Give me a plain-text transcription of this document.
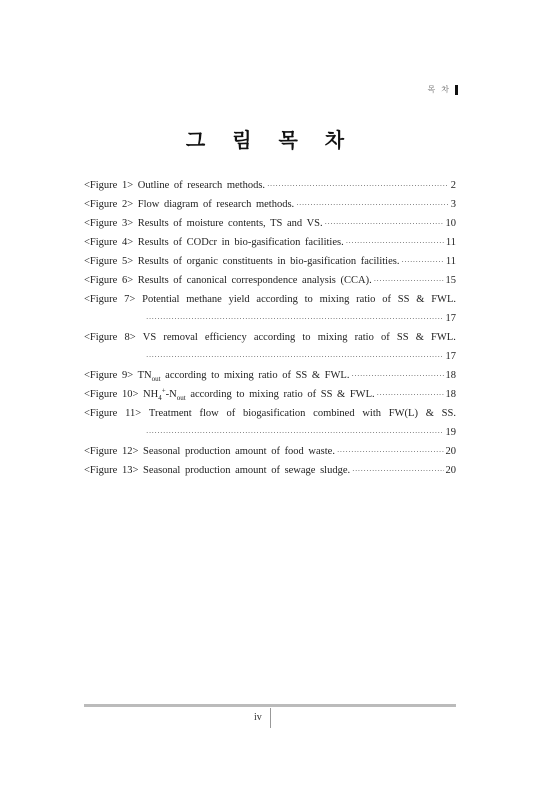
목 차
그 림 목 차
<Figure 1> Outline of research methods. ·····	2
<Figure 2> Flow diagram of research methods. ·····	3
<Figure 3> Results of moisture contents, TS and VS. ·····	10
<Figure 4> Results of CODcr in bio-gasification facilities. ·····	11
<Figure 5> Results of organic constituents in bio-gasification facilities. ·····	11
<Figure 6> Results of canonical correspondence analysis (CCA). ·····	15
<Figure 7> Potential methane yield according to mixing ratio of SS & FWL.
·····
17
<Figure 8> VS removal efficiency according to mixing ratio of SS & FWL.
·····
17
<Figure $9> TN_{out}$ according to mixing ratio of SS & FWL. ·····	18
<Figure $10> NH_4^+-N_{out}$ according to mixing ratio of SS & FWL. ·····	18
<Figure 11> Treatment flow of biogasification combined with FW(L) & SS.
·····
19
<Figure 12> Seasonal production amount of food waste. ·····	20
<Figure 13> Seasonal production amount of sewage sludge. ·····	20
iv
